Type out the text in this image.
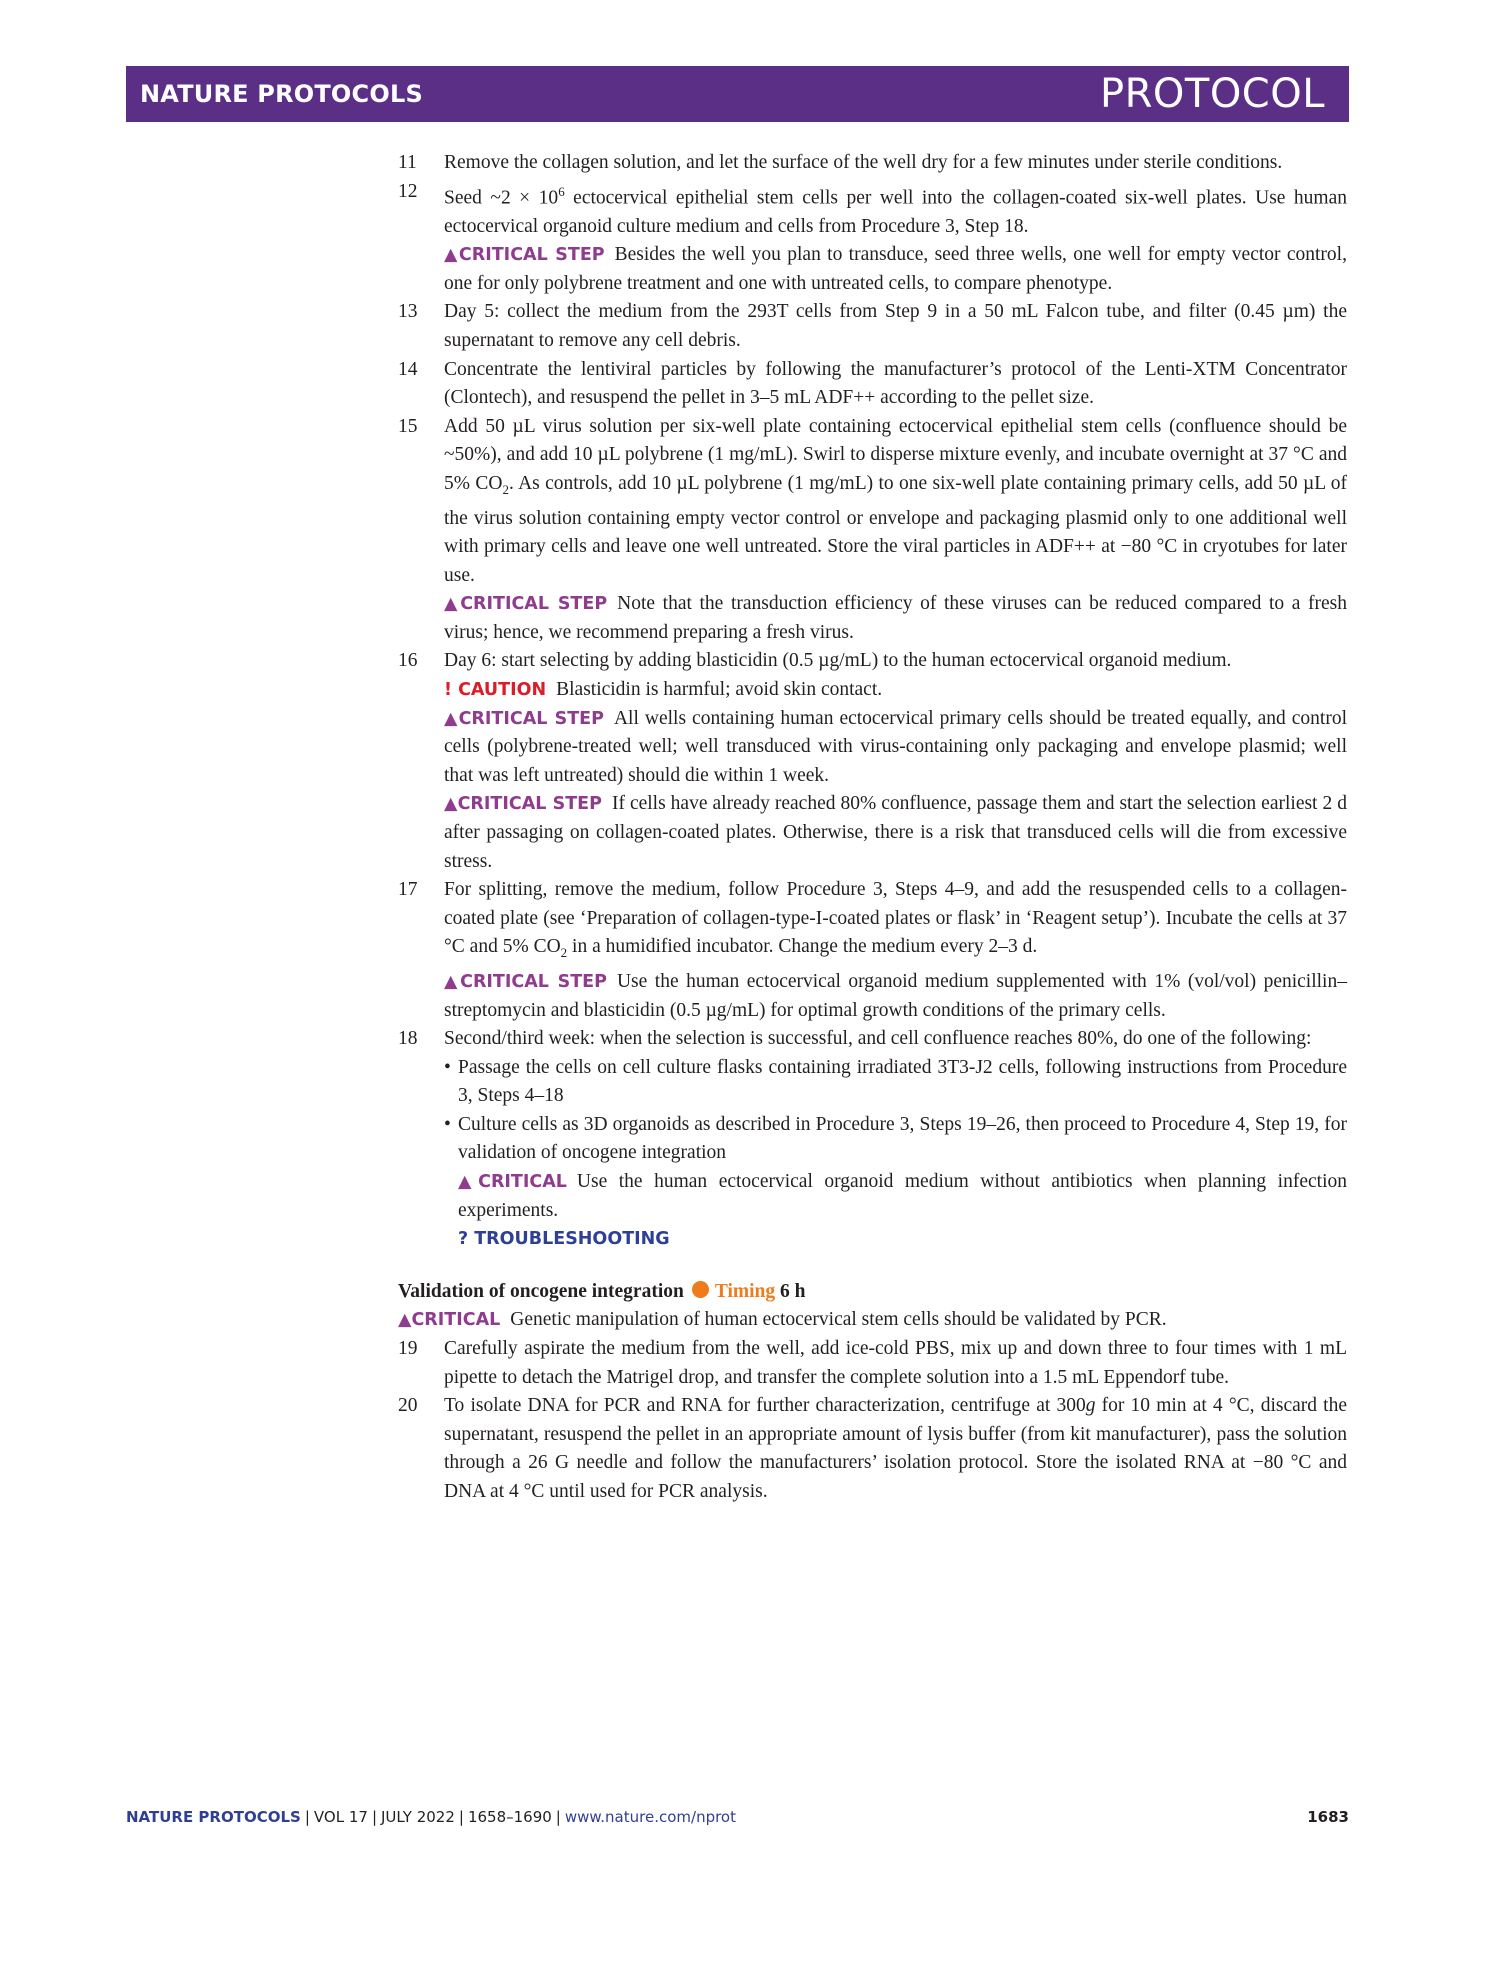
NATURE PROTOCOLS	PROTOCOL
11 Remove the collagen solution, and let the surface of the well dry for a few minutes under sterile conditions.
12 Seed ~2 × $10^6$ ectocervical epithelial stem cells per well into the collagen-coated six-well plates. Use human ectocervical organoid culture medium and cells from Procedure 3, Step 18.
▲CRITICAL STEP Besides the well you plan to transduce, seed three wells, one well for empty vector control, one for only polybrene treatment and one with untreated cells, to compare phenotype.
13 Day 5: collect the medium from the 293T cells from Step 9 in a 50 mL Falcon tube, and filter (0.45 µm) the supernatant to remove any cell debris.
14 Concentrate the lentiviral particles by following the manufacturer’s protocol of the Lenti-XTM Concentrator (Clontech), and resuspend the pellet in 3–5 mL ADF++ according to the pellet size.
15 Add 50 µL virus solution per six-well plate containing ectocervical epithelial stem cells (confluence should be ~50%), and add 10 µL polybrene (1 mg/mL). Swirl to disperse mixture evenly, and incubate overnight at 37 °C and 5% $CO_2$. As controls, add 10 µL polybrene (1 mg/mL) to one six-well plate containing primary cells, add 50 µL of the virus solution containing empty vector control or envelope and packaging plasmid only to one additional well with primary cells and leave one well untreated. Store the viral particles in ADF++ at −80 °C in cryotubes for later use.
▲CRITICAL STEP Note that the transduction efficiency of these viruses can be reduced compared to a fresh virus; hence, we recommend preparing a fresh virus.
16 Day 6: start selecting by adding blasticidin (0.5 µg/mL) to the human ectocervical organoid medium.
! CAUTION Blasticidin is harmful; avoid skin contact.
▲CRITICAL STEP All wells containing human ectocervical primary cells should be treated equally, and control cells (polybrene-treated well; well transduced with virus-containing only packaging and envelope plasmid; well that was left untreated) should die within 1 week.
▲CRITICAL STEP If cells have already reached 80% confluence, passage them and start the selection earliest 2 d after passaging on collagen-coated plates. Otherwise, there is a risk that transduced cells will die from excessive stress.
17 For splitting, remove the medium, follow Procedure 3, Steps 4–9, and add the resuspended cells to a collagen-coated plate (see ‘Preparation of collagen-type-I-coated plates or flask’ in ‘Reagent setup’). Incubate the cells at 37 °C and 5% $CO_2$ in a humidified incubator. Change the medium every 2–3 d.
▲CRITICAL STEP Use the human ectocervical organoid medium supplemented with 1% (vol/vol) penicillin–streptomycin and blasticidin (0.5 µg/mL) for optimal growth conditions of the primary cells.
18 Second/third week: when the selection is successful, and cell confluence reaches 80%, do one of the following:
• Passage the cells on cell culture flasks containing irradiated 3T3-J2 cells, following instructions from Procedure 3, Steps 4–18
• Culture cells as 3D organoids as described in Procedure 3, Steps 19–26, then proceed to Procedure 4, Step 19, for validation of oncogene integration
▲CRITICAL Use the human ectocervical organoid medium without antibiotics when planning infection experiments.
? TROUBLESHOOTING
Validation of oncogene integration Timing 6 h
▲CRITICAL Genetic manipulation of human ectocervical stem cells should be validated by PCR.
19 Carefully aspirate the medium from the well, add ice-cold PBS, mix up and down three to four times with 1 mL pipette to detach the Matrigel drop, and transfer the complete solution into a 1.5 mL Eppendorf tube.
20 To isolate DNA for PCR and RNA for further characterization, centrifuge at 300g for 10 min at 4 °C, discard the supernatant, resuspend the pellet in an appropriate amount of lysis buffer (from kit manufacturer), pass the solution through a 26 G needle and follow the manufacturers’ isolation protocol. Store the isolated RNA at −80 °C and DNA at 4 °C until used for PCR analysis.
NATURE PROTOCOLS | VOL 17 | JULY 2022 | 1658–1690 | www.nature.com/nprot	1683
